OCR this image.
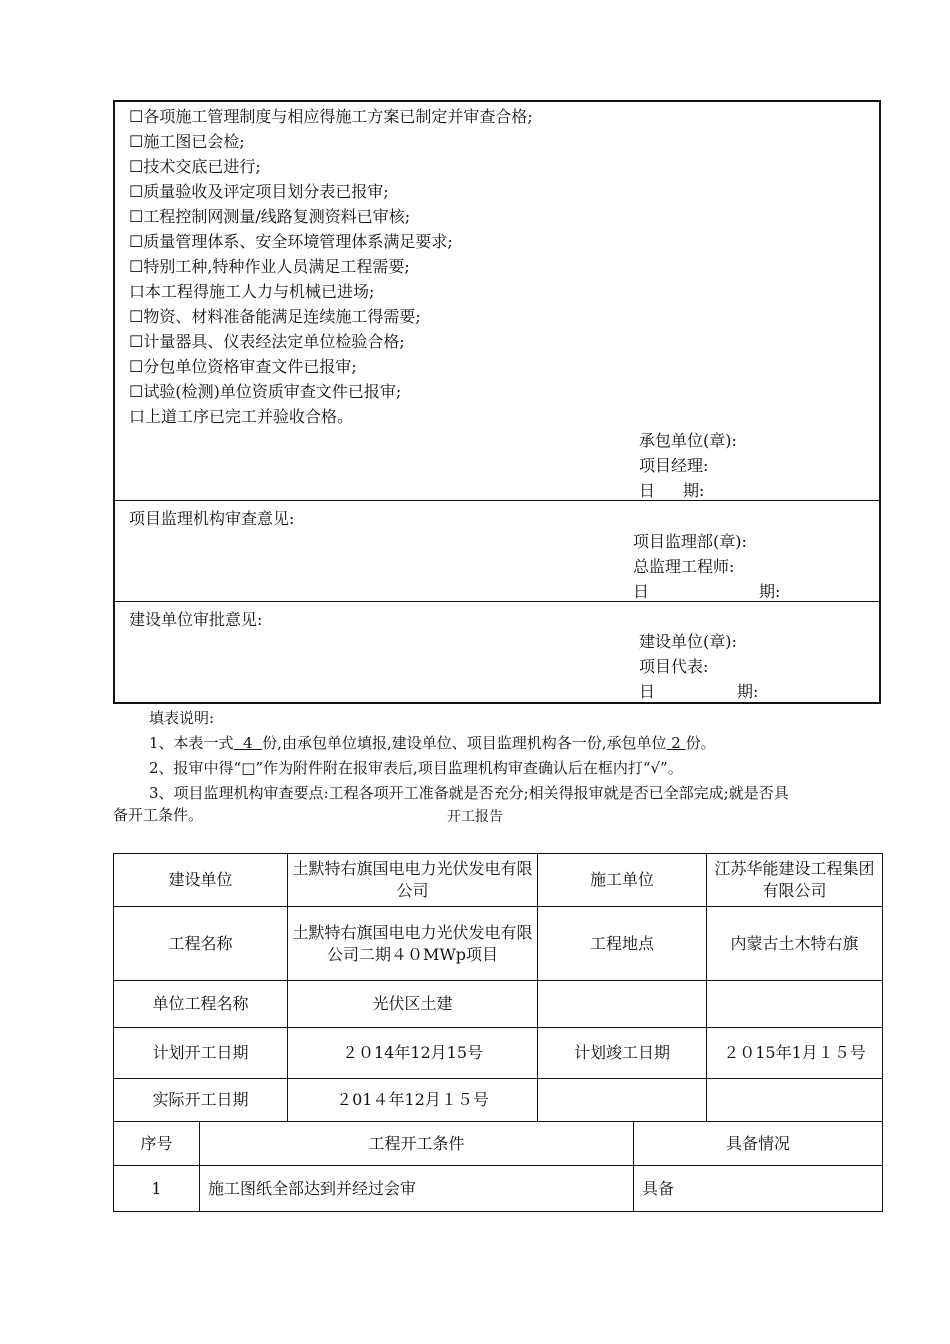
☐各项施工管理制度与相应得施工方案已制定并审查合格;
☐施工图已会检;
☐技术交底已进行;
☐质量验收及评定项目划分表已报审;
☐工程控制网测量/线路复测资料已审核;
☐质量管理体系、安全环境管理体系满足要求;
☐特别工种,特种作业人员满足工程需要;
口本工程得施工人力与机械已进场;
☐物资、材料准备能满足连续施工得需要;
☐计量器具、仪表经法定单位检验合格;
☐分包单位资格审查文件已报审;
☐试验(检测)单位资质审查文件已报审;
口上道工序已完工并验收合格。
承包单位(章):
项目经理:
日 期:
项目监理机构审查意见:
项目监理部(章):
总监理工程师:
日	期:
建设单位审批意见:
建设单位(章):
项目代表:
日	期:
填表说明:
1、本表一式  4  份,由承包单位填报,建设单位、项目监理机构各一份,承包单位 2 份。
2、报审中得“□”作为附件附在报审表后,项目监理机构审查确认后在框内打“√”。
3、项目监理机构审查要点:工程各项开工准备就是否充分;相关得报审就是否已全部完成;就是否具
备开工条件。	开工报告
建设单位	土默特右旗国电电力光伏发电有限公司	施工单位	江苏华能建设工程集团有限公司
工程名称	土默特右旗国电电力光伏发电有限公司二期４０MWp项目	工程地点	内蒙古土木特右旗
单位工程名称	光伏区土建		
计划开工日期	２０14年12月15号	计划竣工日期	２０15年1月１５号
实际开工日期	２01４年12月１５号		
序号	工程开工条件	具备情况
1	施工图纸全部达到并经过会审	具备
